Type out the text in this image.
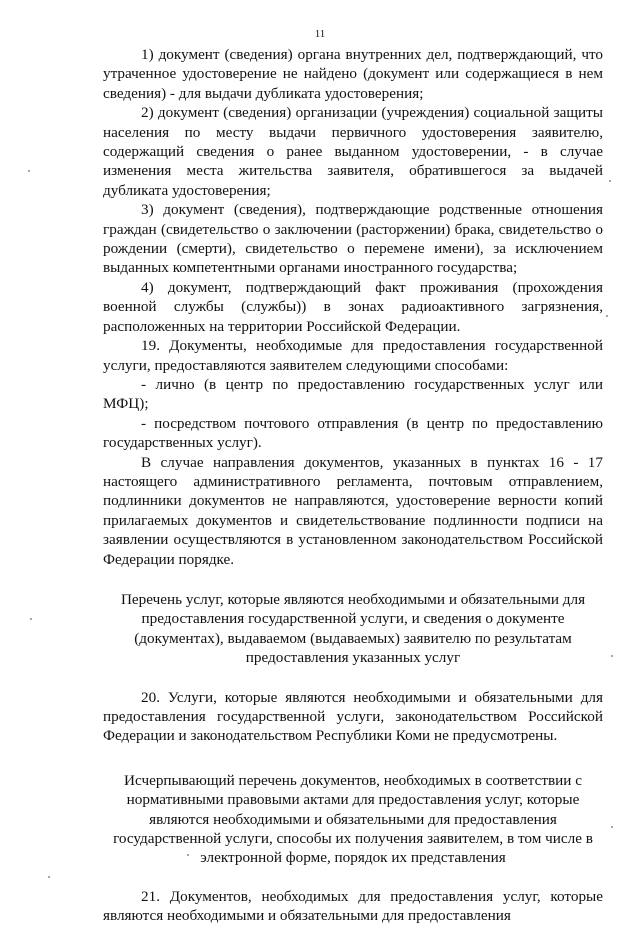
11

1) документ (сведения) органа внутренних дел, подтверждающий, что утраченное удостоверение не найдено (документ или содержащиеся в нем сведения) - для выдачи дубликата удостоверения;

2) документ (сведения) организации (учреждения) социальной защиты населения по месту выдачи первичного удостоверения заявителю, содержащий сведения о ранее выданном удостоверении, - в случае изменения места жительства заявителя, обратившегося за выдачей дубликата удостоверения;

3) документ (сведения), подтверждающие родственные отношения граждан (свидетельство о заключении (расторжении) брака, свидетельство о рождении (смерти), свидетельство о перемене имени), за исключением выданных компетентными органами иностранного государства;

4) документ, подтверждающий факт проживания (прохождения военной службы (службы)) в зонах радиоактивного загрязнения, расположенных на территории Российской Федерации.

19. Документы, необходимые для предоставления государственной услуги, предоставляются заявителем следующими способами:

- лично (в центр по предоставлению государственных услуг или МФЦ);

- посредством почтового отправления (в центр по предоставлению государственных услуг).

В случае направления документов, указанных в пунктах 16 - 17 настоящего административного регламента, почтовым отправлением, подлинники документов не направляются, удостоверение верности копий прилагаемых документов и свидетельствование подлинности подписи на заявлении осуществляются в установленном законодательством Российской Федерации порядке.

Перечень услуг, которые являются необходимыми и обязательными для предоставления государственной услуги, и сведения о документе (документах), выдаваемом (выдаваемых) заявителю по результатам предоставления указанных услуг

20. Услуги, которые являются необходимыми и обязательными для предоставления государственной услуги, законодательством Российской Федерации и законодательством Республики Коми не предусмотрены.

Исчерпывающий перечень документов, необходимых в соответствии с нормативными правовыми актами для предоставления услуг, которые являются необходимыми и обязательными для предоставления государственной услуги, способы их получения заявителем, в том числе в электронной форме, порядок их представления

21. Документов, необходимых для предоставления услуг, которые являются необходимыми и обязательными для предоставления
